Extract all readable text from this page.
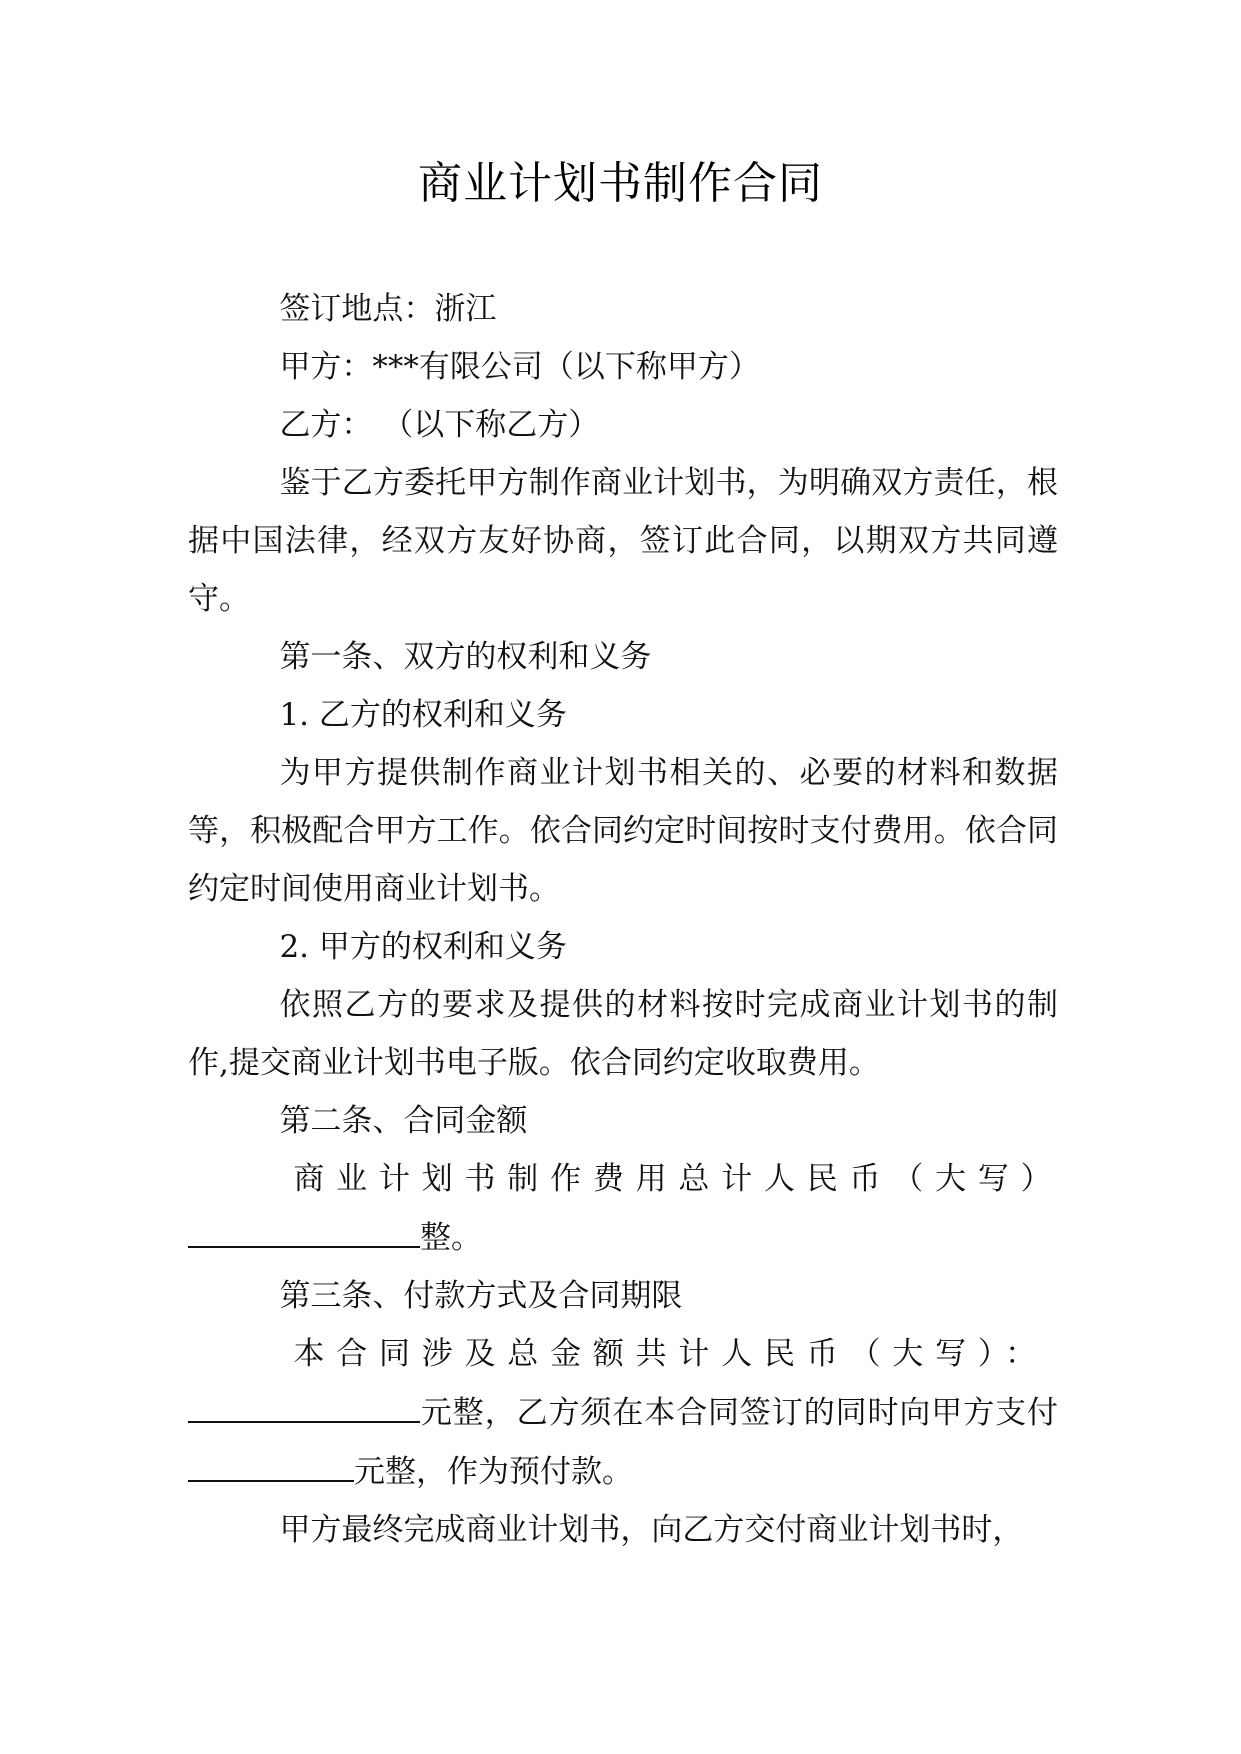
商业计划书制作合同

签订地点：浙江

甲方：***有限公司（以下称甲方）

乙方： （以下称乙方）

鉴于乙方委托甲方制作商业计划书，为明确双方责任，根据中国法律，经双方友好协商，签订此合同，以期双方共同遵守。

第一条、双方的权利和义务

1. 乙方的权利和义务

为甲方提供制作商业计划书相关的、必要的材料和数据等，积极配合甲方工作。依合同约定时间按时支付费用。依合同约定时间使用商业计划书。

2. 甲方的权利和义务

依照乙方的要求及提供的材料按时完成商业计划书的制作,提交商业计划书电子版。依合同约定收取费用。

第二条、合同金额

商业计划书制作费用总计人民币（大写）

整。

第三条、付款方式及合同期限

本合同涉及总金额共计人民币（大写）：

元整，乙方须在本合同签订的同时向甲方支付元整，作为预付款。

甲方最终完成商业计划书，向乙方交付商业计划书时，
